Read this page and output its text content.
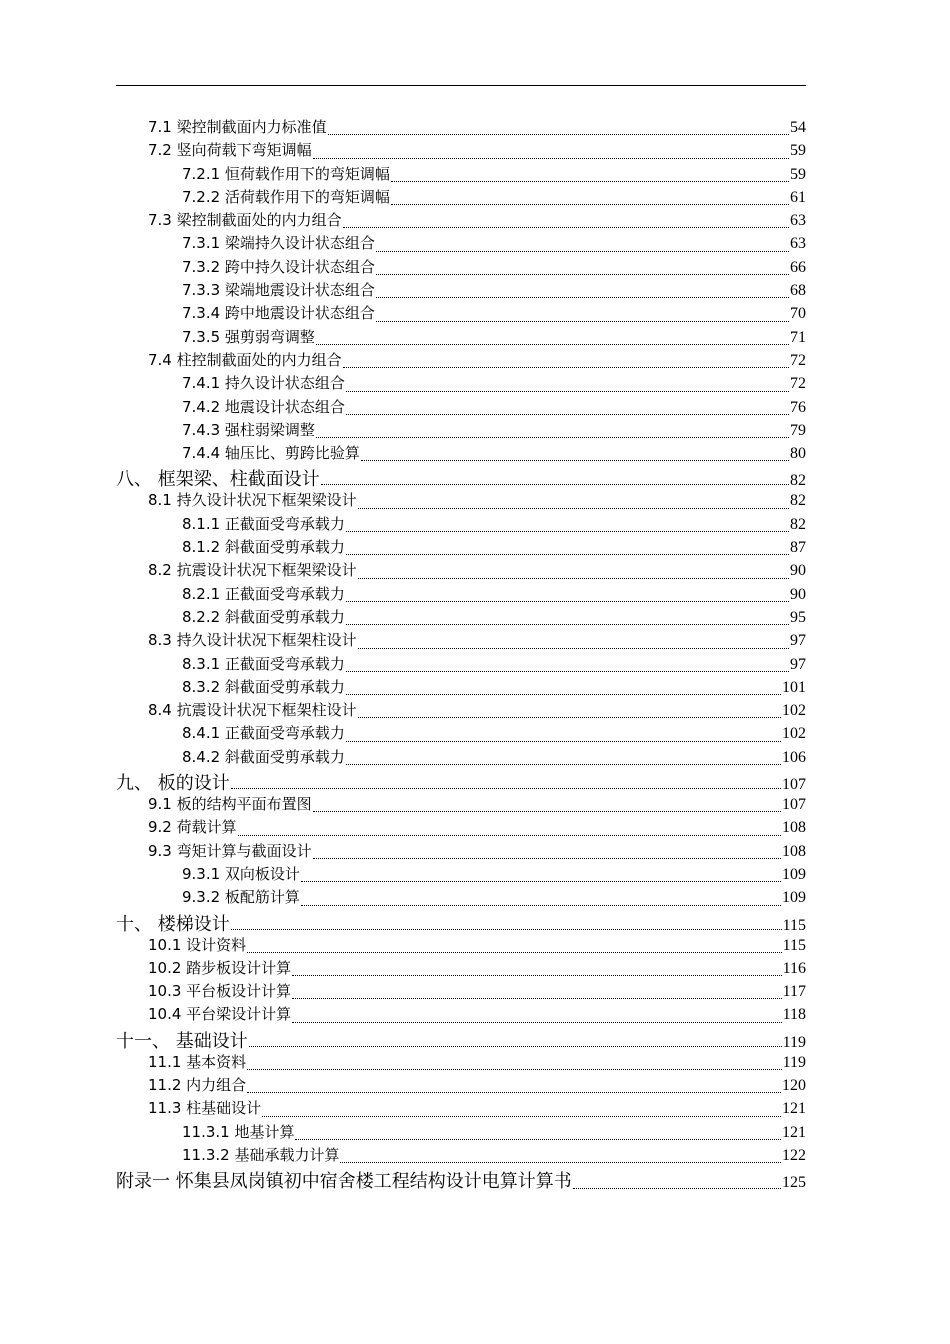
7.1 梁控制截面内力标准值	54
7.2 竖向荷载下弯矩调幅	59
7.2.1 恒荷载作用下的弯矩调幅	59
7.2.2 活荷载作用下的弯矩调幅	61
7.3 梁控制截面处的内力组合	63
7.3.1 梁端持久设计状态组合	63
7.3.2 跨中持久设计状态组合	66
7.3.3 梁端地震设计状态组合	68
7.3.4 跨中地震设计状态组合	70
7.3.5 强剪弱弯调整	71
7.4 柱控制截面处的内力组合	72
7.4.1 持久设计状态组合	72
7.4.2 地震设计状态组合	76
7.4.3 强柱弱梁调整	79
7.4.4 轴压比、剪跨比验算	80
八、 框架梁、柱截面设计	82
8.1 持久设计状况下框架梁设计	82
8.1.1 正截面受弯承载力	82
8.1.2 斜截面受剪承载力	87
8.2 抗震设计状况下框架梁设计	90
8.2.1 正截面受弯承载力	90
8.2.2 斜截面受剪承载力	95
8.3 持久设计状况下框架柱设计	97
8.3.1 正截面受弯承载力	97
8.3.2 斜截面受剪承载力	101
8.4 抗震设计状况下框架柱设计	102
8.4.1 正截面受弯承载力	102
8.4.2 斜截面受剪承载力	106
九、 板的设计	107
9.1 板的结构平面布置图	107
9.2 荷载计算	108
9.3 弯矩计算与截面设计	108
9.3.1 双向板设计	109
9.3.2 板配筋计算	109
十、 楼梯设计	115
10.1 设计资料	115
10.2 踏步板设计计算	116
10.3 平台板设计计算	117
10.4 平台梁设计计算	118
十一、 基础设计	119
11.1 基本资料	119
11.2 内力组合	120
11.3 柱基础设计	121
11.3.1 地基计算	121
11.3.2 基础承载力计算	122
附录一 怀集县凤岗镇初中宿舍楼工程结构设计电算计算书	125
